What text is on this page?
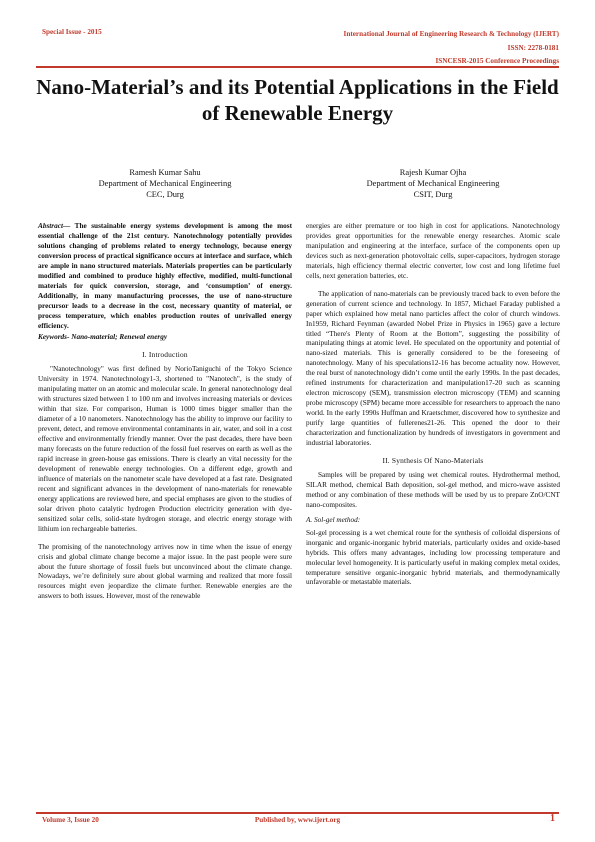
Special Issue - 2015	International Journal of Engineering Research & Technology (IJERT)
ISSN: 2278-0181
ISNCESR-2015 Conference Proceedings
Nano-Material’s and its Potential Applications in the Field of Renewable Energy
Ramesh Kumar Sahu
Department of Mechanical Engineering
CEC, Durg
Rajesh Kumar Ojha
Department of Mechanical Engineering
CSIT, Durg

Abstract— The sustainable energy systems development is among the most essential challenge of the 21st century. Nanotechnology potentially provides solutions changing of problems related to energy technology, because energy conversion process of practical significance occurs at interface and surface, which are ample in nano structured materials. Materials properties can be particularly modified and combined to produce highly effective, modified, multi-functional materials for quick conversion, storage, and ‘consumption’ of energy. Additionally, in many manufacturing processes, the use of nano-structure precursor leads to a decrease in the cost, necessary quantity of material, or process temperature, which enables production routes of unrivalled energy efficiency.

Keywords- Nano-material; Renewal energy

I. Introduction

"Nanotechnology" was first defined by NorioTaniguchi of the Tokyo Science University in 1974. Nanotechnology1-3, shortened to "Nanotech", is the study of manipulating matter on an atomic and molecular scale. In general nanotechnology deal with structures sized between 1 to 100 nm and involves increasing materials or devices within that size. For comparison, Human is 1000 times bigger smaller than the diameter of a 10 nanometers. Nanotechnology has the ability to improve our facility to prevent, detect, and remove environmental contaminants in air, water, and soil in a cost effective and environmentally friendly manner. Over the past decades, there have been many forecasts on the future reduction of the fossil fuel reserves on earth as well as the rapid increase in green-house gas emissions. There is clearly an vital necessity for the development of renewable energy technologies. On a different edge, growth and influence of materials on the nanometer scale have developed at a fast rate. Designated recent and significant advances in the development of nano-materials for renewable energy applications are reviewed here, and special emphases are given to the studies of solar driven photo catalytic hydrogen Production electricity generation with dye-sensitized solar cells, solid-state hydrogen storage, and electric energy storage with lithium ion rechargeable batteries.

The promising of the nanotechnology arrives now in time when the issue of energy crisis and global climate change become a major issue. In the past people were sure about the future shortage of fossil fuels but unconvinced about the climate change. Nowadays, we’re definitely sure about global warming and realized that more fossil resources might even jeopardize the climate further. Renewable energies are the answers to both issues. However, most of the renewable

energies are either premature or too high in cost for applications. Nanotechnology provides great opportunities for the renewable energy researches. Atomic scale manipulation and engineering at the interface, surface of the components open up devices such as next-generation photovoltaic cells, super-capacitors, hydrogen storage materials, high efficiency thermal electric converter, low cost and long lifetime fuel cells, next generation batteries, etc.

The application of nano-materials can be previously traced back to even before the generation of current science and technology. In 1857, Michael Faraday published a paper which explained how metal nano particles affect the color of church windows. In1959, Richard Feynman (awarded Nobel Prize in Physics in 1965) gave a lecture titled “There's Plenty of Room at the Bottom”, suggesting the possibility of manipulating things at atomic level. He speculated on the opportunity and potential of nano-sized materials. This is generally considered to be the foreseeing of nanotechnology. Many of his speculations12-16 has become actuality now. However, the real burst of nanotechnology didn’t come until the early 1990s. In the past decades, refined instruments for characterization and manipulation17-20 such as scanning electron microscopy (SEM), transmission electron microscopy (TEM) and scanning probe microscopy (SPM) became more accessible for researchers to approach the nano world. In the early 1990s Huffman and Kraetschmer, discovered how to synthesize and purify large quantities of fullerenes21-26. This opened the door to their characterization and functionalization by hundreds of investigators in government and industrial laboratories.

II. Synthesis Of Nano-Materials

Samples will be prepared by using wet chemical routes. Hydrothermal method, SILAR method, chemical Bath deposition, sol-gel method, and micro-wave assisted method or any combination of these methods will be used by us to prepare ZnO/CNT nano-composites.

A. Sol-gel method:

Sol-gel processing is a wet chemical route for the synthesis of colloidal dispersions of inorganic and organic-inorganic hybrid materials, particularly oxides and oxide-based hybrids. This offers many advantages, including low processing temperature and molecular level homogeneity. It is particularly useful in making complex metal oxides, temperature sensitive organic-inorganic hybrid materials, and thermodynamically unfavorable or metastable materials.

Volume 3, Issue 20	Published by, www.ijert.org	1
